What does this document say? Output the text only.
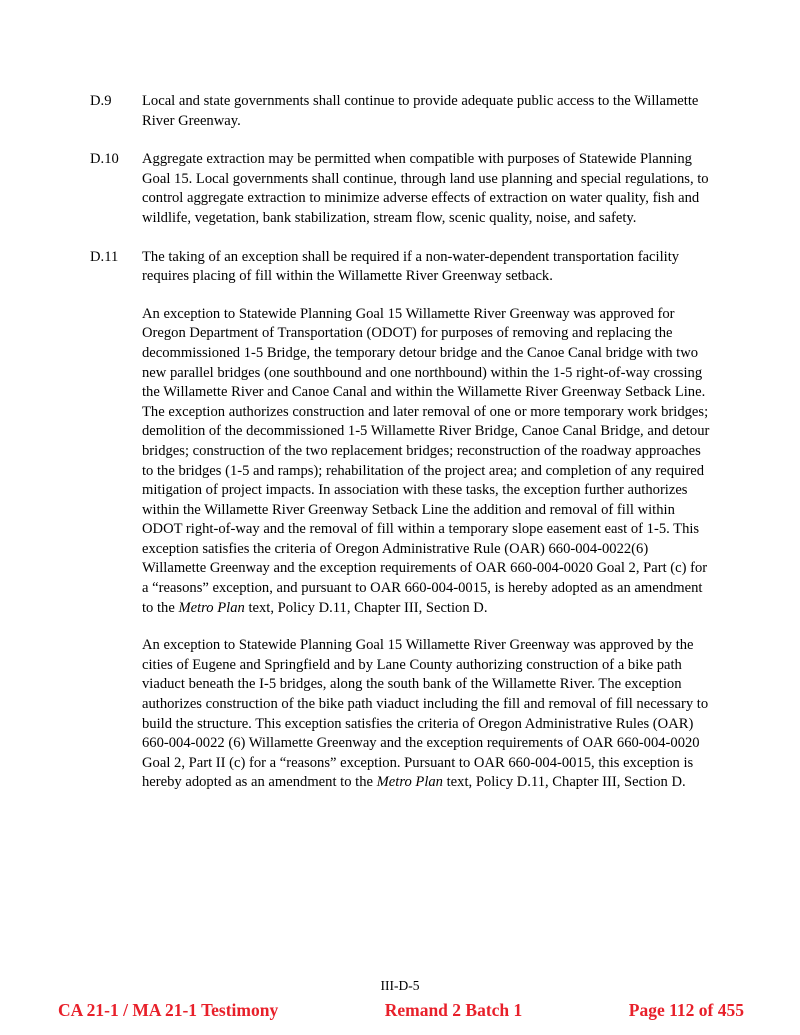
D.9	Local and state governments shall continue to provide adequate public access to the Willamette River Greenway.

D.10	Aggregate extraction may be permitted when compatible with purposes of Statewide Planning Goal 15. Local governments shall continue, through land use planning and special regulations, to control aggregate extraction to minimize adverse effects of extraction on water quality, fish and wildlife, vegetation, bank stabilization, stream flow, scenic quality, noise, and safety.

D.11	The taking of an exception shall be required if a non-water-dependent transportation facility requires placing of fill within the Willamette River Greenway setback.

An exception to Statewide Planning Goal 15 Willamette River Greenway was approved for Oregon Department of Transportation (ODOT) for purposes of removing and replacing the decommissioned 1-5 Bridge, the temporary detour bridge and the Canoe Canal bridge with two new parallel bridges (one southbound and one northbound) within the 1-5 right-of-way crossing the Willamette River and Canoe Canal and within the Willamette River Greenway Setback Line. The exception authorizes construction and later removal of one or more temporary work bridges; demolition of the decommissioned 1-5 Willamette River Bridge, Canoe Canal Bridge, and detour bridges; construction of the two replacement bridges; reconstruction of the roadway approaches to the bridges (1-5 and ramps); rehabilitation of the project area; and completion of any required mitigation of project impacts. In association with these tasks, the exception further authorizes within the Willamette River Greenway Setback Line the addition and removal of fill within ODOT right-of-way and the removal of fill within a temporary slope easement east of 1-5. This exception satisfies the criteria of Oregon Administrative Rule (OAR) 660-004-0022(6) Willamette Greenway and the exception requirements of OAR 660-004-0020 Goal 2, Part (c) for a “reasons” exception, and pursuant to OAR 660-004-0015, is hereby adopted as an amendment to the Metro Plan text, Policy D.11, Chapter III, Section D.

An exception to Statewide Planning Goal 15 Willamette River Greenway was approved by the cities of Eugene and Springfield and by Lane County authorizing construction of a bike path viaduct beneath the I-5 bridges, along the south bank of the Willamette River. The exception authorizes construction of the bike path viaduct including the fill and removal of fill necessary to build the structure. This exception satisfies the criteria of Oregon Administrative Rules (OAR) 660-004-0022 (6) Willamette Greenway and the exception requirements of OAR 660-004-0020 Goal 2, Part II (c) for a “reasons” exception. Pursuant to OAR 660-004-0015, this exception is hereby adopted as an amendment to the Metro Plan text, Policy D.11, Chapter III, Section D.

III-D-5
CA 21-1 / MA 21-1 Testimony	Remand 2 Batch 1	Page 112 of 455
